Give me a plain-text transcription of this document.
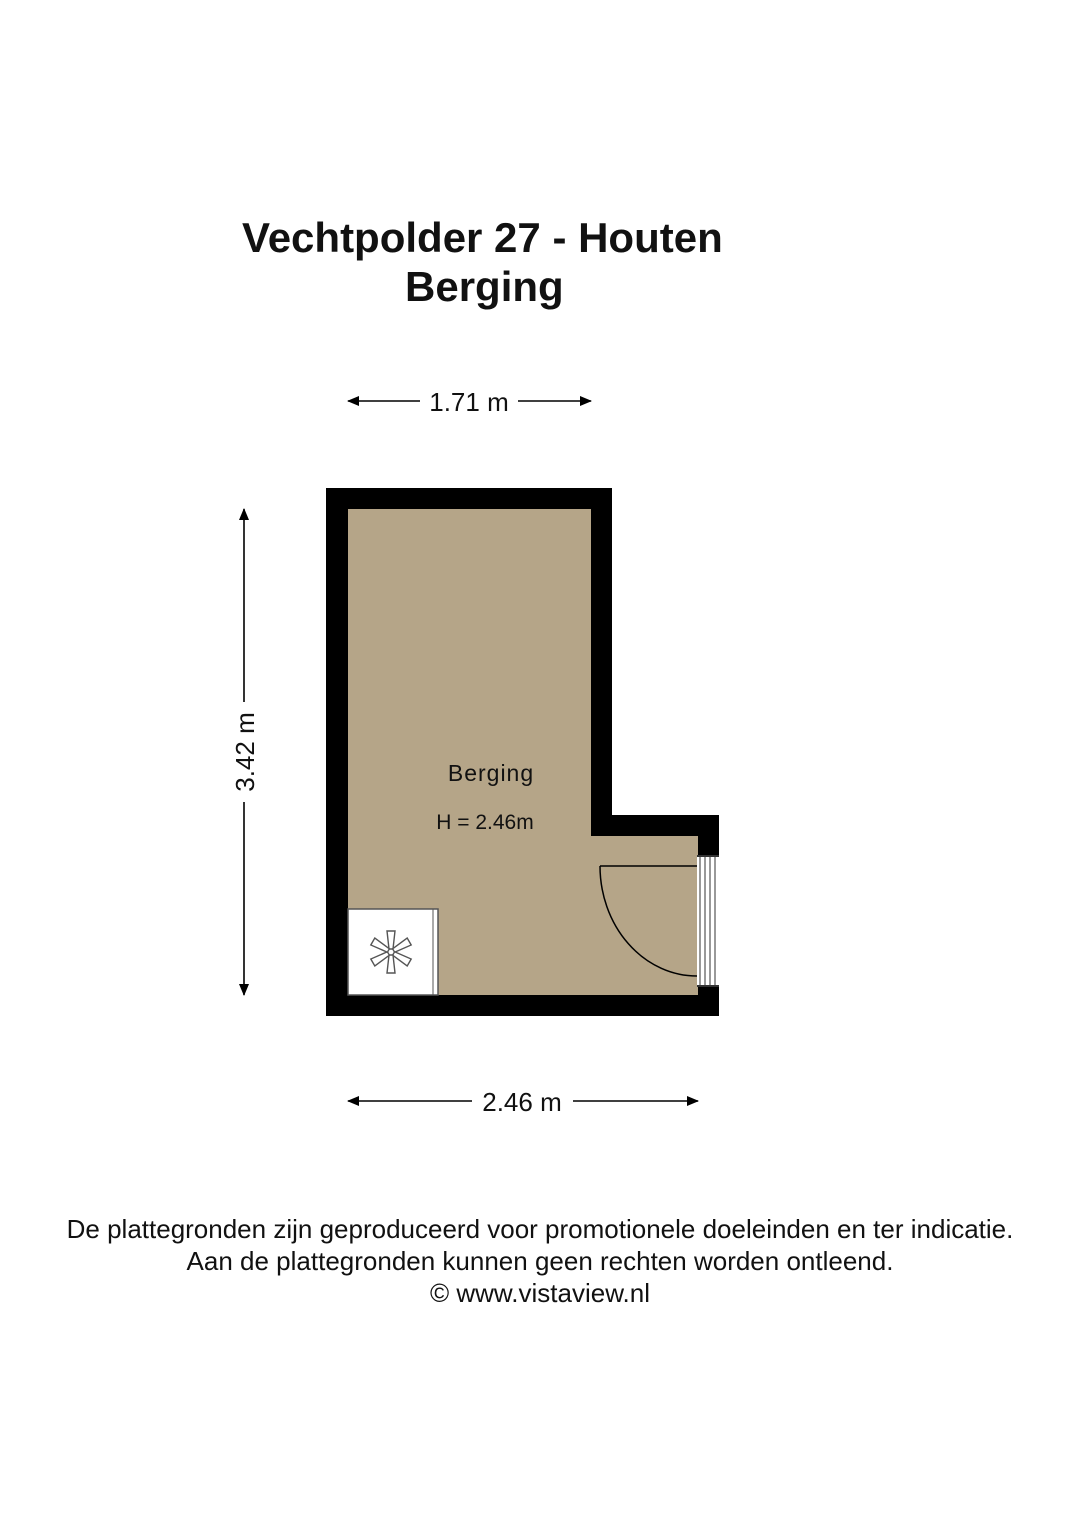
Vechtpolder 27 - Houten
Berging
Berging
H = 2.46m
1.71 m
2.46 m
3.42 m
De plattegronden zijn geproduceerd voor promotionele doeleinden en ter indicatie.
Aan de plattegronden kunnen geen rechten worden ontleend.
© www.vistaview.nl
